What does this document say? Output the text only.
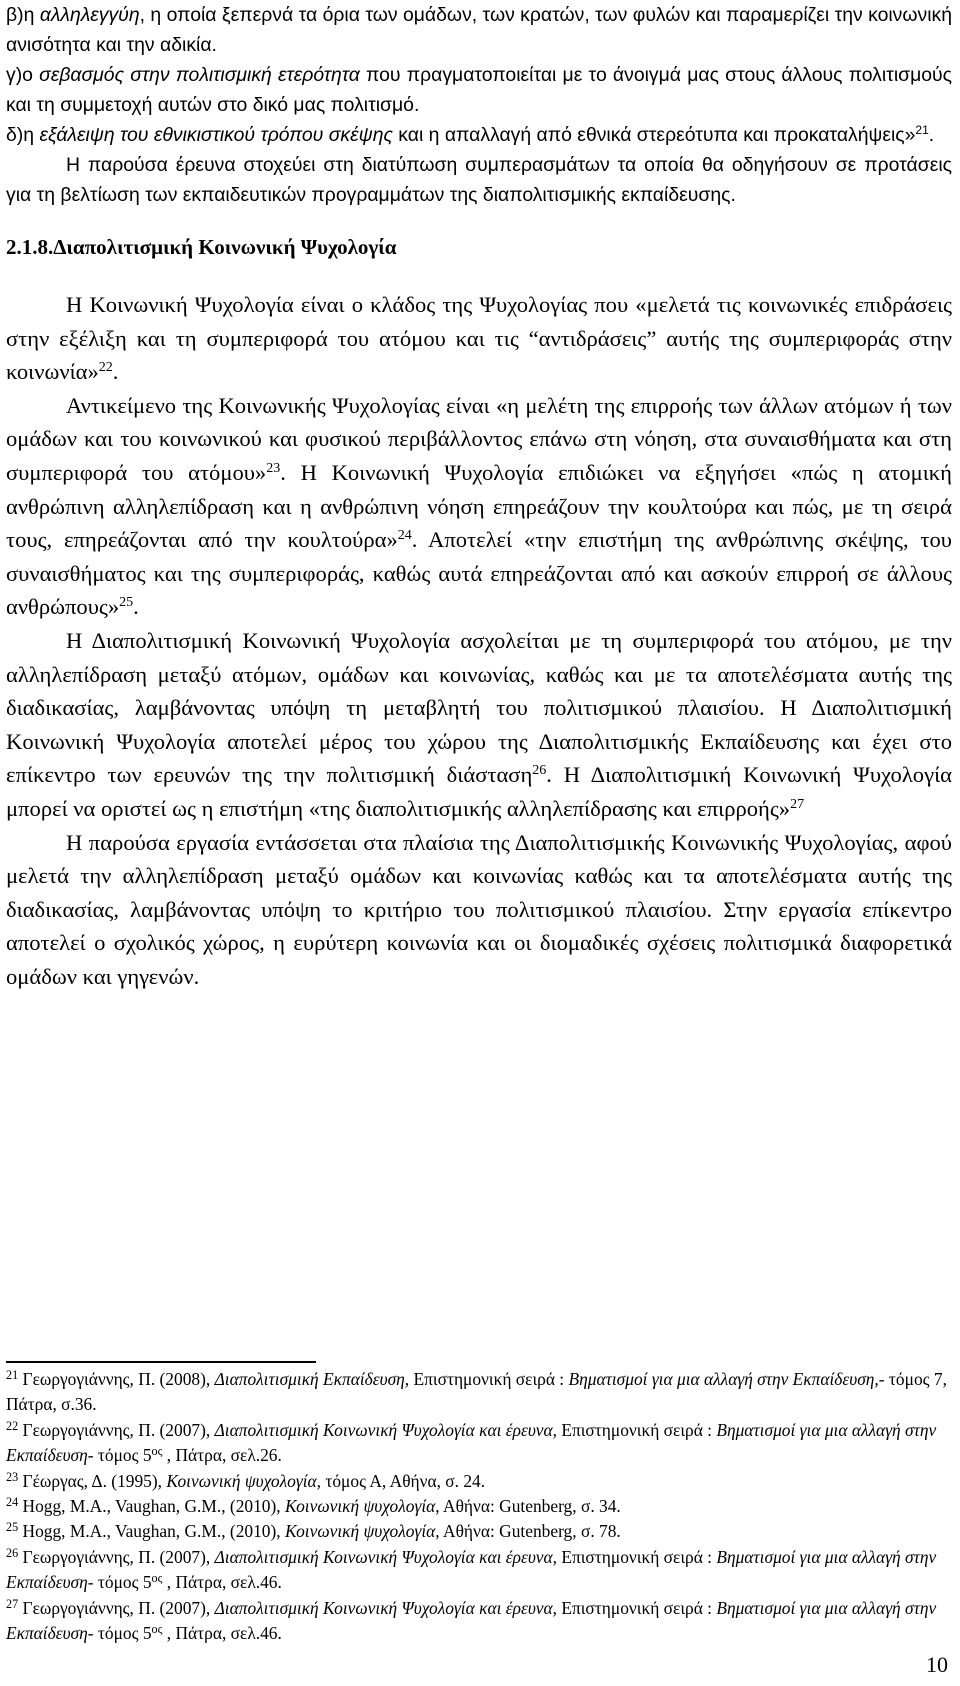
β)η αλληλεγγύη, η οποία ξεπερνά τα όρια των ομάδων, των κρατών, των φυλών και παραμερίζει την κοινωνική ανισότητα και την αδικία.

γ)ο σεβασμός στην πολιτισμική ετερότητα που πραγματοποιείται με το άνοιγμά μας στους άλλους πολιτισμούς και τη συμμετοχή αυτών στο δικό μας πολιτισμό.

δ)η εξάλειψη του εθνικιστικού τρόπου σκέψης και η απαλλαγή από εθνικά στερεότυπα και προκαταλήψεις»$^{21}$.

Η παρούσα έρευνα στοχεύει στη διατύπωση συμπερασμάτων τα οποία θα οδηγήσουν σε προτάσεις για τη βελτίωση των εκπαιδευτικών προγραμμάτων της διαπολιτισμικής εκπαίδευσης.

2.1.8.Διαπολιτισμική Κοινωνική Ψυχολογία

Η Κοινωνική Ψυχολογία είναι ο κλάδος της Ψυχολογίας που «μελετά τις κοινωνικές επιδράσεις στην εξέλιξη και τη συμπεριφορά του ατόμου και τις “αντιδράσεις” αυτής της συμπεριφοράς στην κοινωνία»$^{22}$.

Αντικείμενο της Κοινωνικής Ψυχολογίας είναι «η μελέτη της επιρροής των άλλων ατόμων ή των ομάδων και του κοινωνικού και φυσικού περιβάλλοντος επάνω στη νόηση, στα συναισθήματα και στη συμπεριφορά του ατόμου»$^{23}$. Η Κοινωνική Ψυχολογία επιδιώκει να εξηγήσει «πώς η ατομική ανθρώπινη αλληλεπίδραση και η ανθρώπινη νόηση επηρεάζουν την κουλτούρα και πώς, με τη σειρά τους, επηρεάζονται από την κουλτούρα»$^{24}$. Αποτελεί «την επιστήμη της ανθρώπινης σκέψης, του συναισθήματος και της συμπεριφοράς, καθώς αυτά επηρεάζονται από και ασκούν επιρροή σε άλλους ανθρώπους»$^{25}$.

Η Διαπολιτισμική Κοινωνική Ψυχολογία ασχολείται με τη συμπεριφορά του ατόμου, με την αλληλεπίδραση μεταξύ ατόμων, ομάδων και κοινωνίας, καθώς και με τα αποτελέσματα αυτής της διαδικασίας, λαμβάνοντας υπόψη τη μεταβλητή του πολιτισμικού πλαισίου. Η Διαπολιτισμική Κοινωνική Ψυχολογία αποτελεί μέρος του χώρου της Διαπολιτισμικής Εκπαίδευσης και έχει στο επίκεντρο των ερευνών της την πολιτισμική διάσταση$^{26}$. Η Διαπολιτισμική Κοινωνική Ψυχολογία μπορεί να οριστεί ως η επιστήμη «της διαπολιτισμικής αλληλεπίδρασης και επιρροής»$^{27}$

Η παρούσα εργασία εντάσσεται στα πλαίσια της Διαπολιτισμικής Κοινωνικής Ψυχολογίας, αφού μελετά την αλληλεπίδραση μεταξύ ομάδων και κοινωνίας καθώς και τα αποτελέσματα αυτής της διαδικασίας, λαμβάνοντας υπόψη το κριτήριο του πολιτισμικού πλαισίου. Στην εργασία επίκεντρο αποτελεί ο σχολικός χώρος, η ευρύτερη κοινωνία και οι διομαδικές σχέσεις πολιτισμικά διαφορετικά ομάδων και γηγενών.

$^{21}$ Γεωργογιάννης, Π. (2008), Διαπολιτισμική Εκπαίδευση, Επιστημονική σειρά : Βηματισμοί για μια αλλαγή στην Εκπαίδευση,- τόμος 7, Πάτρα, σ.36.

$^{22}$ Γεωργογιάννης, Π. (2007), Διαπολιτισμική Κοινωνική Ψυχολογία και έρευνα, Επιστημονική σειρά : Βηματισμοί για μια αλλαγή στην Εκπαίδευση- τόμος $5^{o\varsigma}$ , Πάτρα, σελ.26.

$^{23}$ Γέωργας, Δ. (1995), Κοινωνική ψυχολογία, τόμος Α, Αθήνα, σ. 24.

$^{24}$ Hogg, M.A., Vaughan, G.M., (2010), Κοινωνική ψυχολογία, Αθήνα: Gutenberg, σ. 34.

$^{25}$ Hogg, M.A., Vaughan, G.M., (2010), Κοινωνική ψυχολογία, Αθήνα: Gutenberg, σ. 78.

$^{26}$ Γεωργογιάννης, Π. (2007), Διαπολιτισμική Κοινωνική Ψυχολογία και έρευνα, Επιστημονική σειρά : Βηματισμοί για μια αλλαγή στην Εκπαίδευση- τόμος $5^{o\varsigma}$ , Πάτρα, σελ.46.

$^{27}$ Γεωργογιάννης, Π. (2007), Διαπολιτισμική Κοινωνική Ψυχολογία και έρευνα, Επιστημονική σειρά : Βηματισμοί για μια αλλαγή στην Εκπαίδευση- τόμος $5^{o\varsigma}$ , Πάτρα, σελ.46.

10
